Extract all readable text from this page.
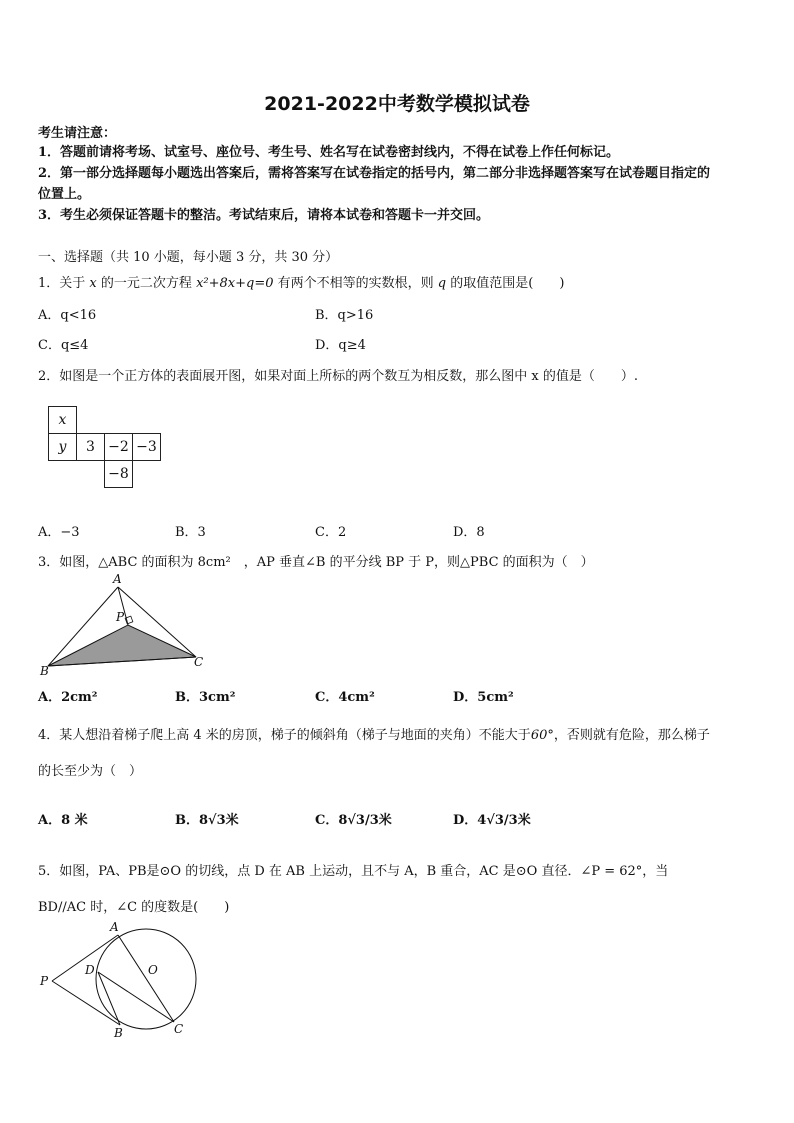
2021-2022中考数学模拟试卷
考生请注意：
1．答题前请将考场、试室号、座位号、考生号、姓名写在试卷密封线内，不得在试卷上作任何标记。
2．第一部分选择题每小题选出答案后，需将答案写在试卷指定的括号内，第二部分非选择题答案写在试卷题目指定的
位置上。
3．考生必须保证答题卡的整洁。考试结束后，请将本试卷和答题卡一并交回。
一、选择题（共 10 小题，每小题 3 分，共 30 分）
1．关于 x 的一元二次方程 x²+8x+q=0 有两个不相等的实数根，则 q 的取值范围是(　　)
A．q<16	B．q>16
C．q≤4	D．q≥4
2．如图是一个正方体的表面展开图，如果对面上所标的两个数互为相反数，那么图中 x 的值是（　　）.
x			
y	3	−2	−3
		−8	
A．−3	B．3	C．2	D．8
3．如图，△ABC 的面积为 8cm²　，AP 垂直∠B 的平分线 BP 于 P，则△PBC 的面积为（　）
A
P
B
C
A．2cm²	B．3cm²	C．4cm²	D．5cm²
4．某人想沿着梯子爬上高 4 米的房顶，梯子的倾斜角（梯子与地面的夹角）不能大于60°，否则就有危险，那么梯子
的长至少为（　）
A．8 米	B．8√3米	C．8√3/3米	D．4√3/3米
5．如图，PA、PB是⊙O 的切线，点 D 在 AB 上运动，且不与 A，B 重合，AC 是⊙O 直径．∠P = 62°，当
BD//AC 时，∠C 的度数是(　　)
A
P
D	O
B	C
